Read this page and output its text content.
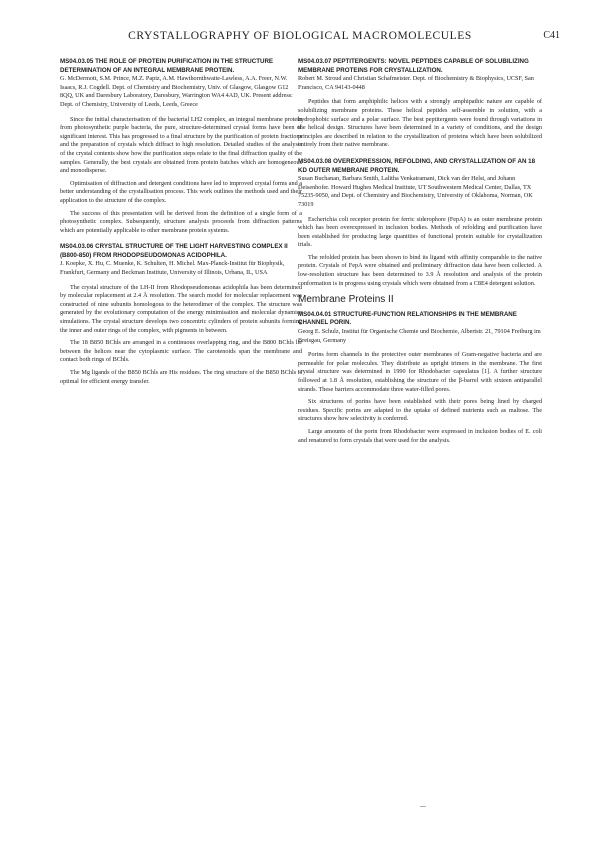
CRYSTALLOGRAPHY OF BIOLOGICAL MACROMOLECULES	C41
MS04.03.05 THE ROLE OF PROTEIN PURIFICATION IN THE STRUCTURE DETERMINATION OF AN INTEGRAL MEMBRANE PROTEIN.
G. McDermott, S.M. Prince, M.Z. Papiz, A.M. Hawthornthwaite-Lawless, A.A. Freer, N.W. Isaacs, R.J. Cogdell. Dept. of Chemistry and Biochemistry, Univ. of Glasgow, Glasgow G12 8QQ, UK and Daresbury Laboratory, Daresbury, Warrington WA4 4AD, UK. Present address: Dept. of Chemistry, University of Leeds, Leeds, Greece

Since the initial characterisation of the bacterial LH2 complex, an integral membrane protein from photosynthetic purple bacteria, the pure, structure-determined crystal forms have been of significant interest. This has progressed to a final structure by the purification of protein fractions and the preparation of crystals which diffract to high resolution. Detailed studies of the analysis of the crystal contents show how the purification steps relate to the final diffraction quality of the samples. Generally, the best crystals are obtained from protein batches which are homogeneous and monodisperse.

Optimisation of diffraction and detergent conditions have led to improved crystal forms and a better understanding of the crystallisation process. This work outlines the methods used and their application to the structure of the complex.

The success of this presentation will be derived from the definition of a single form of a photosynthetic complex. Subsequently, structure analysis proceeds from diffraction patterns which are potentially applicable to other membrane protein systems.

MS04.03.06 CRYSTAL STRUCTURE OF THE LIGHT HARVESTING COMPLEX II (B800-850) FROM RHODOPSEUDOMONAS ACIDOPHILA.
J. Koepke, X. Hu, C. Muenke, K. Schulten, H. Michel. Max-Planck-Institut für Biophysik, Frankfurt, Germany and Beckman Institute, University of Illinois, Urbana, IL, USA

The crystal structure of the LH-II from Rhodopseudomonas acidophila has been determined by molecular replacement at 2.4 Å resolution. The search model for molecular replacement was constructed of nine subunits homologous to the heterodimer of the complex. The structure was generated by the evolutionary computation of the energy minimisation and molecular dynamics simulations. The crystal structure develops two concentric cylinders of protein subunits forming the inner and outer rings of the complex, with pigments in between.

The 18 B850 BChls are arranged in a continuous overlapping ring, and the B800 BChls lie between the helices near the cytoplasmic surface. The carotenoids span the membrane and contact both rings of BChls.

The Mg ligands of the B850 BChls are His residues. The ring structure of the B850 BChls is optimal for efficient energy transfer.

MS04.03.07 PEPTITERGENTS: NOVEL PEPTIDES CAPABLE OF SOLUBILIZING MEMBRANE PROTEINS FOR CRYSTALLIZATION.
Robert M. Stroud and Christian Schafmeister. Dept. of Biochemistry & Biophysics, UCSF, San Francisco, CA 94143-0448

Peptides that form amphiphilic helices with a strongly amphipathic nature are capable of solubilizing membrane proteins. These helical peptides self-assemble in solution, with a hydrophobic surface and a polar surface. The best peptitergents were found through variations in the helical design. Structures have been determined in a variety of conditions, and the design principles are described in relation to the crystallization of proteins which have been solubilized entirely from their native membrane.

MS04.03.08 OVEREXPRESSION, REFOLDING, AND CRYSTALLIZATION OF AN 18 KD OUTER MEMBRANE PROTEIN.
Susan Buchanan, Barbara Smith, Lalitha Venkatramani, Dick van der Helst, and Johann Deisenhofer. Howard Hughes Medical Institute, UT Southwestern Medical Center, Dallas, TX 75235-9050, and Dept. of Chemistry and Biochemistry, University of Oklahoma, Norman, OK 73019

Escherichia coli receptor protein for ferric siderophore (FepA) is an outer membrane protein which has been overexpressed in inclusion bodies. Methods of refolding and purification have been established for producing large quantities of functional protein suitable for crystallization trials.

The refolded protein has been shown to bind its ligand with affinity comparable to the native protein. Crystals of FepA were obtained and preliminary diffraction data have been collected. A low-resolution structure has been determined to 3.9 Å resolution and analysis of the protein conformation is in progress using crystals which were obtained from a C8E4 detergent solution.

Membrane Proteins II
MS04.04.01 STRUCTURE-FUNCTION RELATIONSHIPS IN THE MEMBRANE CHANNEL PORIN.
Georg E. Schulz, Institut für Organische Chemie und Biochemie, Albertstr. 21, 79104 Freiburg im Breisgau, Germany

Porins form channels in the protective outer membranes of Gram-negative bacteria and are permeable for polar molecules. They distribute as upright trimers in the membrane. The first crystal structure was determined in 1990 for Rhodobacter capsulatus [1]. A further structure followed at 1.8 Å resolution, establishing the structure of the β-barrel with sixteen antiparallel strands. These barriers accommodate three water-filled pores.

Six structures of porins have been established with their pores being lined by charged residues. Specific porins are adapted to the uptake of defined nutrients such as maltose. The structures show how selectivity is conferred.

Large amounts of the porin from Rhodobacter were expressed in inclusion bodies of E. coli and renatured to form crystals that were used for the analysis.

...
